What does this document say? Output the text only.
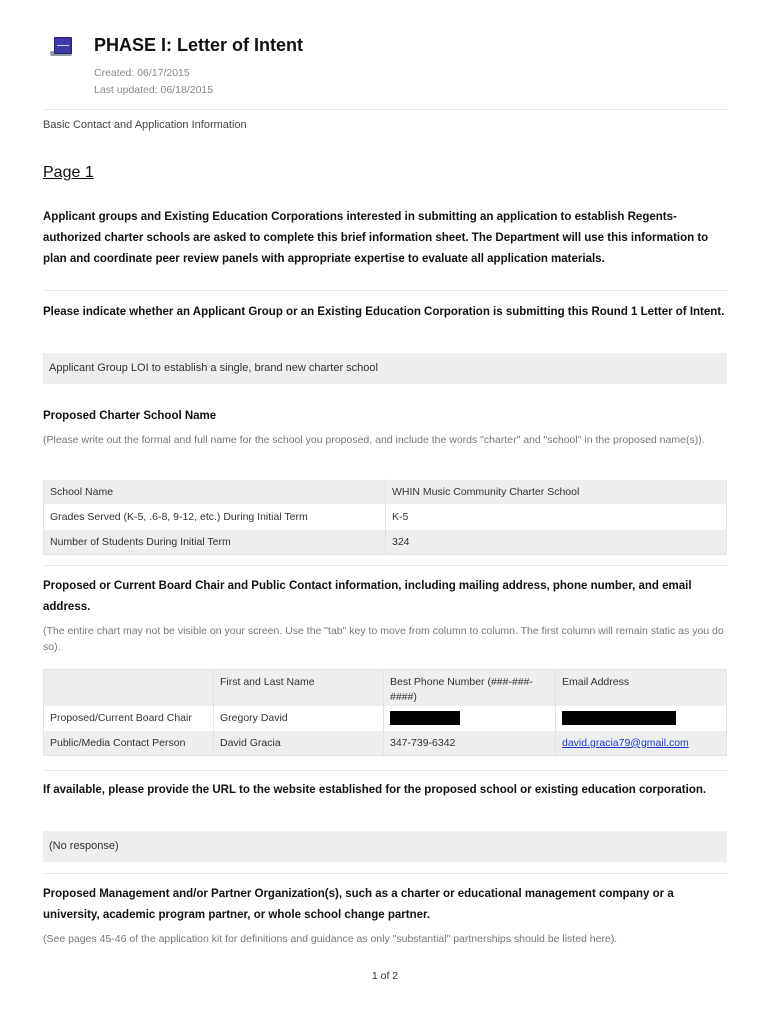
PHASE I: Letter of Intent
Created: 06/17/2015
Last updated: 06/18/2015
Basic Contact and Application Information
Page 1
Applicant groups and Existing Education Corporations interested in submitting an application to establish Regents-authorized charter schools are asked to complete this brief information sheet. The Department will use this information to plan and coordinate peer review panels with appropriate expertise to evaluate all application materials.
Please indicate whether an Applicant Group or an Existing Education Corporation is submitting this Round 1 Letter of Intent.
Applicant Group LOI to establish a single, brand new charter school
Proposed Charter School Name
(Please write out the formal and full name for the school you proposed, and include the words "charter" and "school" in the proposed name(s)).
School Name	WHIN Music Community Charter School
Grades Served (K-5, .6-8, 9-12, etc.) During Initial Term	K-5
Number of Students During Initial Term	324
Proposed or Current Board Chair and Public Contact information, including mailing address, phone number, and email address.
(The entire chart may not be visible on your screen. Use the "tab" key to move from column to column. The first column will remain static as you do so).
	First and Last Name	Best Phone Number (###-###-####)	Email Address
Proposed/Current Board Chair	Gregory David		
Public/Media Contact Person	David Gracia	347-739-6342	david.gracia79@gmail.com
If available, please provide the URL to the website established for the proposed school or existing education corporation.
(No response)
Proposed Management and/or Partner Organization(s), such as a charter or educational management company or a university, academic program partner, or whole school change partner.
(See pages 45-46 of the application kit for definitions and guidance as only "substantial" partnerships should be listed here).
1 of 2
